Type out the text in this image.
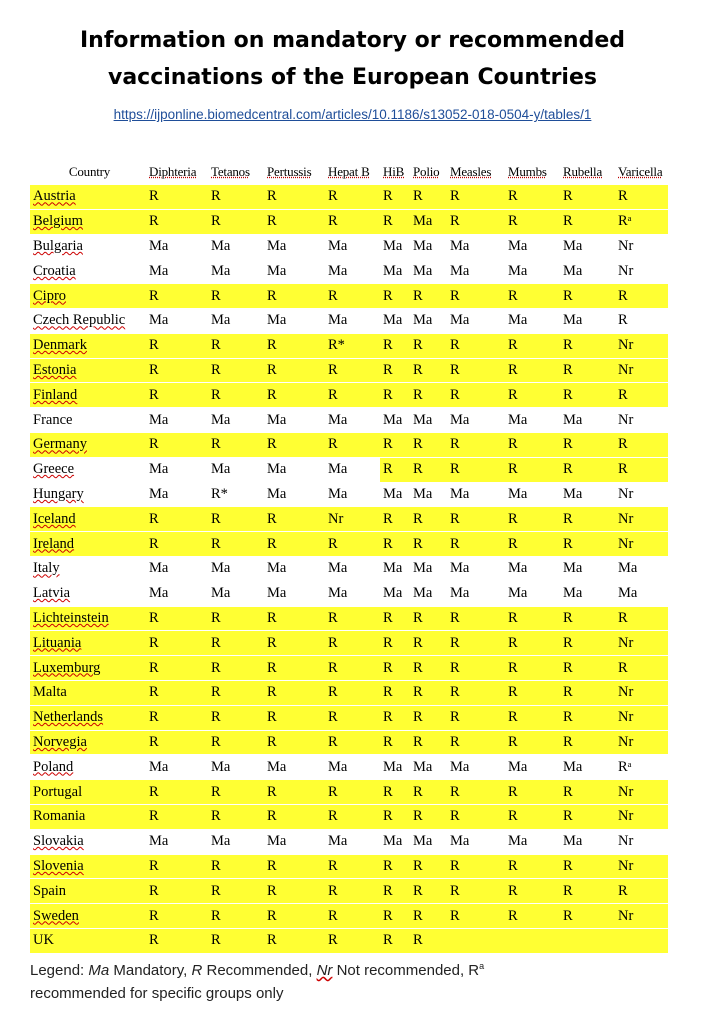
Information on mandatory or recommended
vaccinations of the European Countries
https://ijponline.biomedcentral.com/articles/10.1186/s13052-018-0504-y/tables/1
Country	Diphteria	Tetanos	Pertussis	Hepat B	HiB	Polio	Measles	Mumbs	Rubella	Varicella
Austria	R	R	R	R	R	R	R	R	R	R
Belgium	R	R	R	R	R	Ma	R	R	R	Rᵃ
Bulgaria	Ma	Ma	Ma	Ma	Ma	Ma	Ma	Ma	Ma	Nr
Croatia	Ma	Ma	Ma	Ma	Ma	Ma	Ma	Ma	Ma	Nr
Cipro	R	R	R	R	R	R	R	R	R	R
Czech Republic	Ma	Ma	Ma	Ma	Ma	Ma	Ma	Ma	Ma	R
Denmark	R	R	R	R*	R	R	R	R	R	Nr
Estonia	R	R	R	R	R	R	R	R	R	Nr
Finland	R	R	R	R	R	R	R	R	R	R
France	Ma	Ma	Ma	Ma	Ma	Ma	Ma	Ma	Ma	Nr
Germany	R	R	R	R	R	R	R	R	R	R
Greece	Ma	Ma	Ma	Ma	R	R	R	R	R	R
Hungary	Ma	R*	Ma	Ma	Ma	Ma	Ma	Ma	Ma	Nr
Iceland	R	R	R	Nr	R	R	R	R	R	Nr
Ireland	R	R	R	R	R	R	R	R	R	Nr
Italy	Ma	Ma	Ma	Ma	Ma	Ma	Ma	Ma	Ma	Ma
Latvia	Ma	Ma	Ma	Ma	Ma	Ma	Ma	Ma	Ma	Ma
Lichteinstein	R	R	R	R	R	R	R	R	R	R
Lituania	R	R	R	R	R	R	R	R	R	Nr
Luxemburg	R	R	R	R	R	R	R	R	R	R
Malta	R	R	R	R	R	R	R	R	R	Nr
Netherlands	R	R	R	R	R	R	R	R	R	Nr
Norvegia	R	R	R	R	R	R	R	R	R	Nr
Poland	Ma	Ma	Ma	Ma	Ma	Ma	Ma	Ma	Ma	Rᵃ
Portugal	R	R	R	R	R	R	R	R	R	Nr
Romania	R	R	R	R	R	R	R	R	R	Nr
Slovakia	Ma	Ma	Ma	Ma	Ma	Ma	Ma	Ma	Ma	Nr
Slovenia	R	R	R	R	R	R	R	R	R	Nr
Spain	R	R	R	R	R	R	R	R	R	R
Sweden	R	R	R	R	R	R	R	R	R	Nr
UK	R	R	R	R	R	R				
Legend: Ma Mandatory, R Recommended, Nr Not recommended, $R^a$
recommended for specific groups only
